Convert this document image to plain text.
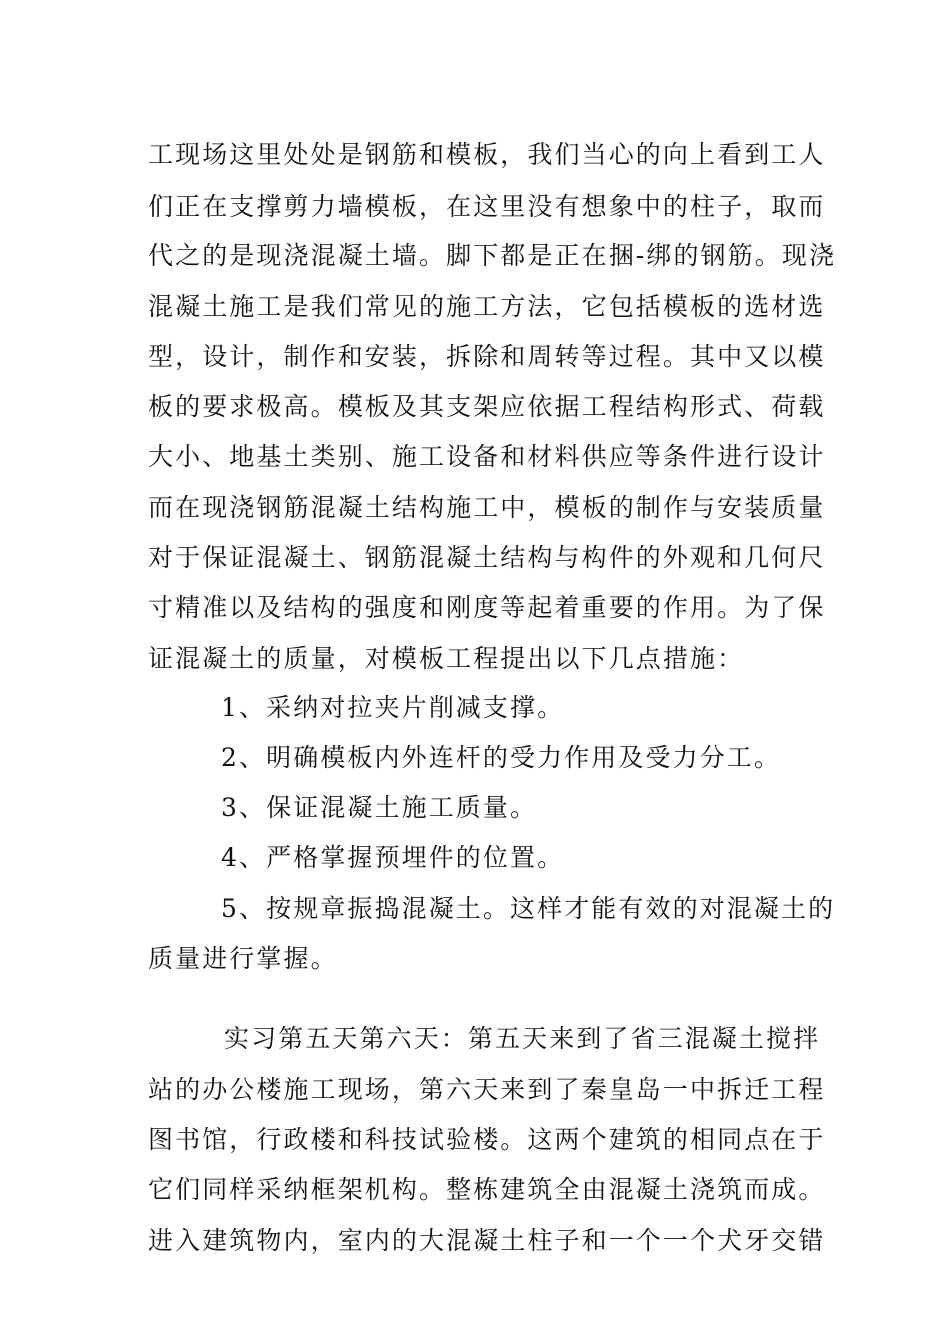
工现场这里处处是钢筋和模板，我们当心的向上看到工人
们正在支撑剪力墙模板，在这里没有想象中的柱子，取而
代之的是现浇混凝土墙。脚下都是正在捆-绑的钢筋。现浇
混凝土施工是我们常见的施工方法，它包括模板的选材选
型，设计，制作和安装，拆除和周转等过程。其中又以模
板的要求极高。模板及其支架应依据工程结构形式、荷载
大小、地基土类别、施工设备和材料供应等条件进行设计
而在现浇钢筋混凝土结构施工中，模板的制作与安装质量
对于保证混凝土、钢筋混凝土结构与构件的外观和几何尺
寸精准以及结构的强度和刚度等起着重要的作用。为了保
证混凝土的质量，对模板工程提出以下几点措施：
1、采纳对拉夹片削减支撑。
2、明确模板内外连杆的受力作用及受力分工。
3、保证混凝土施工质量。
4、严格掌握预埋件的位置。
5、按规章振捣混凝土。这样才能有效的对混凝土的
质量进行掌握。
实习第五天第六天：第五天来到了省三混凝土搅拌
站的办公楼施工现场，第六天来到了秦皇岛一中拆迁工程
图书馆，行政楼和科技试验楼。这两个建筑的相同点在于
它们同样采纳框架机构。整栋建筑全由混凝土浇筑而成。
进入建筑物内，室内的大混凝土柱子和一个一个犬牙交错
